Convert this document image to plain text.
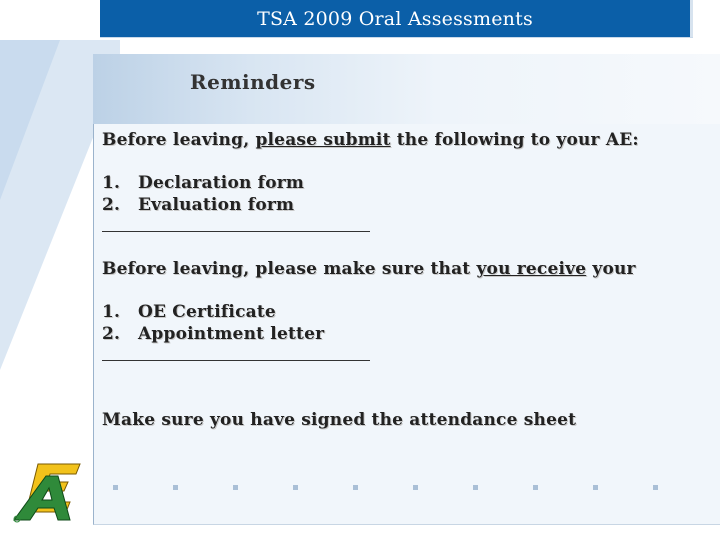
TSA 2009 Oral Assessments
Reminders
Before leaving, please submit the following to your AE:
1. Declaration form
2. Evaluation form
Before leaving, please make sure that you receive your
1. OE Certificate
2. Appointment letter
Make sure you have signed the attendance sheet
